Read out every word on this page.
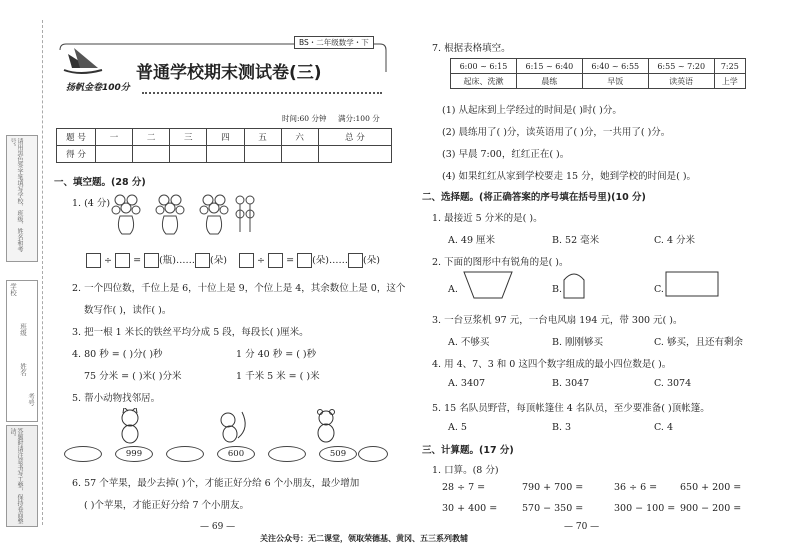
请用黑色签字笔填写学校、班级、姓名和考号。
学校
班级
姓名
考号
答题时请注意书写工整，保持卷面整洁。
普通学校期末测试卷(三)
BS・二年级数学・下
扬帆金卷100分
时间:60 分钟 满分:100 分
题 号	一	二	三	四	五	六	总 分
得 分							
一、填空题。(28 分)
1. (4 分)
÷ = (瓶)…… (朵)	÷ = (朵)…… (朵)
2. 一个四位数，千位上是 6，十位上是 9，个位上是 4，其余数位上是 0，这个
数写作( )，读作( )。
3. 把一根 1 米长的铁丝平均分成 5 段，每段长( )厘米。
4. 80 秒 = ( )分( )秒	1 分 40 秒 = ( )秒
75 分米 = ( )米( )分米	1 千米 5 米 = ( )米
5. 帮小动物找邻居。
999	600	509
6. 57 个苹果，最少去掉( )个，才能正好分给 6 个小朋友，最少增加
( )个苹果，才能正好分给 7 个小朋友。
7. 根据表格填空。
6:00 ~ 6:15	6:15 ~ 6:40	6:40 ~ 6:55	6:55 ~ 7:20	7:25
起床、洗漱	晨练	早饭	读英语	上学
(1) 从起床到上学经过的时间是( )时( )分。
(2) 晨练用了( )分，读英语用了( )分，一共用了( )分。
(3) 早晨 7:00，红红正在( )。
(4) 如果红红从家到学校要走 15 分，她到学校的时间是( )。
二、选择题。(将正确答案的序号填在括号里)(10 分)
1. 最接近 5 分米的是( )。
A. 49 厘米	B. 52 毫米	C. 4 分米
2. 下面的图形中有锐角的是( )。
A.	B.	C.
3. 一台豆浆机 97 元，一台电风扇 194 元，带 300 元( )。
A. 不够买	B. 刚刚够买	C. 够买，且还有剩余
4. 用 4、7、3 和 0 这四个数字组成的最小四位数是( )。
A. 3407	B. 3047	C. 3074
5. 15 名队员野营，每顶帐篷住 4 名队员，至少要准备( )顶帐篷。
A. 5	B. 3	C. 4
三、计算题。(17 分)
1. 口算。(8 分)
28 ÷ 7 =	790 + 700 =	36 ÷ 6 = 650 + 200 =
30 + 400 =	570 − 350 =	300 − 100 = 900 − 200 =
— 69 —	— 70 —
关注公众号：无二课堂，领取荣德基、黄冈、五三系列教辅
